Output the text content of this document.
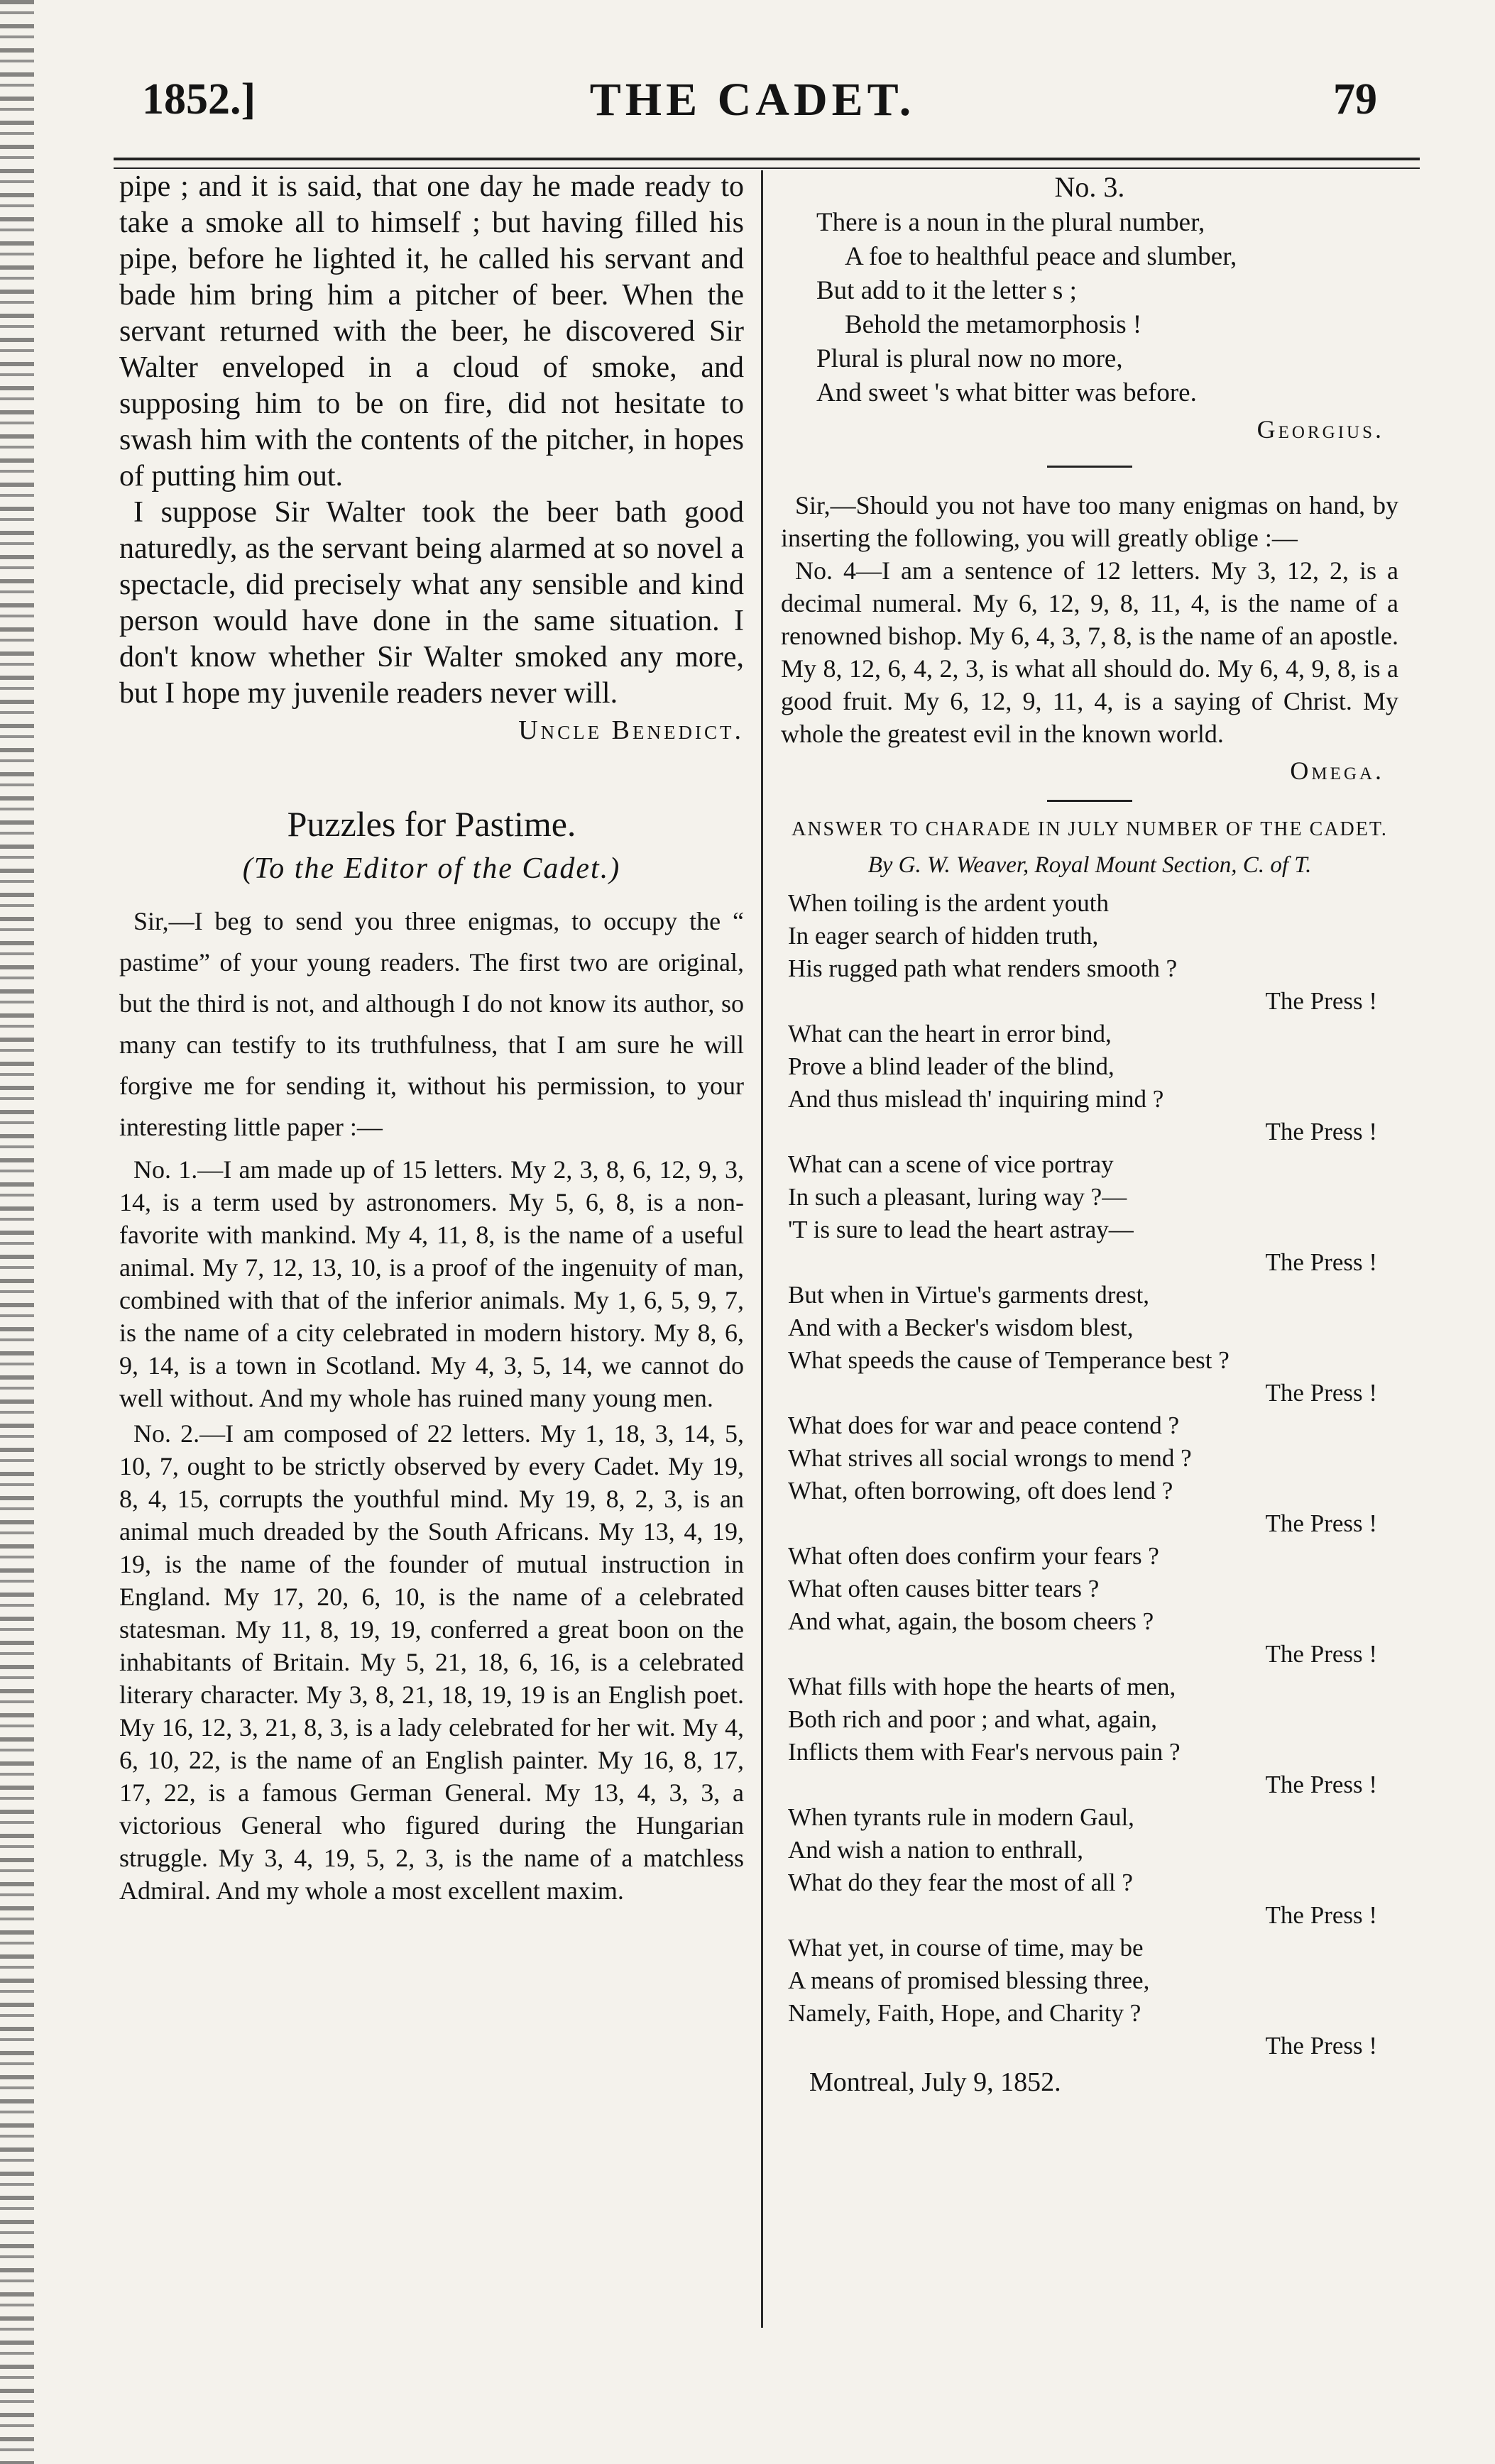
1852.]	THE CADET.	79

pipe ; and it is said, that one day he made ready to take a smoke all to himself ; but having filled his pipe, before he lighted it, he called his servant and bade him bring him a pitcher of beer. When the servant returned with the beer, he discovered Sir Walter enveloped in a cloud of smoke, and supposing him to be on fire, did not hesitate to swash him with the contents of the pitcher, in hopes of putting him out.

I suppose Sir Walter took the beer bath good naturedly, as the servant being alarmed at so novel a spectacle, did precisely what any sensible and kind person would have done in the same situation. I don't know whether Sir Walter smoked any more, but I hope my juvenile readers never will.

Uncle Benedict.
Puzzles for Pastime.
(To the Editor of the Cadet.)

Sir,—I beg to send you three enigmas, to occupy the “ pastime” of your young readers. The first two are original, but the third is not, and although I do not know its author, so many can testify to its truthfulness, that I am sure he will forgive me for sending it, without his permission, to your interesting little paper :—

No. 1.—I am made up of 15 letters. My 2, 3, 8, 6, 12, 9, 3, 14, is a term used by astronomers. My 5, 6, 8, is a non-favorite with mankind. My 4, 11, 8, is the name of a useful animal. My 7, 12, 13, 10, is a proof of the ingenuity of man, combined with that of the inferior animals. My 1, 6, 5, 9, 7, is the name of a city celebrated in modern history. My 8, 6, 9, 14, is a town in Scotland. My 4, 3, 5, 14, we cannot do well without. And my whole has ruined many young men.

No. 2.—I am composed of 22 letters. My 1, 18, 3, 14, 5, 10, 7, ought to be strictly observed by every Cadet. My 19, 8, 4, 15, corrupts the youthful mind. My 19, 8, 2, 3, is an animal much dreaded by the South Africans. My 13, 4, 19, 19, is the name of the founder of mutual instruction in England. My 17, 20, 6, 10, is the name of a celebrated statesman. My 11, 8, 19, 19, conferred a great boon on the inhabitants of Britain. My 5, 21, 18, 6, 16, is a celebrated literary character. My 3, 8, 21, 18, 19, 19 is an English poet. My 16, 12, 3, 21, 8, 3, is a lady celebrated for her wit. My 4, 6, 10, 22, is the name of an English painter. My 16, 8, 17, 17, 22, is a famous German General. My 13, 4, 3, 3, a victorious General who figured during the Hungarian struggle. My 3, 4, 19, 5, 2, 3, is the name of a matchless Admiral. And my whole a most excellent maxim.

No. 3.
There is a noun in the plural number,
A foe to healthful peace and slumber,
But add to it the letter s ;
Behold the metamorphosis !
Plural is plural now no more,
And sweet 's what bitter was before.
Georgius.

Sir,—Should you not have too many enigmas on hand, by inserting the following, you will greatly oblige :—

No. 4—I am a sentence of 12 letters. My 3, 12, 2, is a decimal numeral. My 6, 12, 9, 8, 11, 4, is the name of a renowned bishop. My 6, 4, 3, 7, 8, is the name of an apostle. My 8, 12, 6, 4, 2, 3, is what all should do. My 6, 4, 9, 8, is a good fruit. My 6, 12, 9, 11, 4, is a saying of Christ. My whole the greatest evil in the known world.

Omega.
ANSWER TO CHARADE IN JULY NUMBER OF THE CADET.
By G. W. Weaver, Royal Mount Section, C. of T.
When toiling is the ardent youth
In eager search of hidden truth,
His rugged path what renders smooth ?
The Press !
What can the heart in error bind,
Prove a blind leader of the blind,
And thus mislead th' inquiring mind ?
The Press !
What can a scene of vice portray
In such a pleasant, luring way ?—
'T is sure to lead the heart astray—
The Press !
But when in Virtue's garments drest,
And with a Becker's wisdom blest,
What speeds the cause of Temperance best ?
The Press !
What does for war and peace contend ?
What strives all social wrongs to mend ?
What, often borrowing, oft does lend ?
The Press !
What often does confirm your fears ?
What often causes bitter tears ?
And what, again, the bosom cheers ?
The Press !
What fills with hope the hearts of men,
Both rich and poor ; and what, again,
Inflicts them with Fear's nervous pain ?
The Press !
When tyrants rule in modern Gaul,
And wish a nation to enthrall,
What do they fear the most of all ?
The Press !
What yet, in course of time, may be
A means of promised blessing three,
Namely, Faith, Hope, and Charity ?
The Press !
Montreal, July 9, 1852.
